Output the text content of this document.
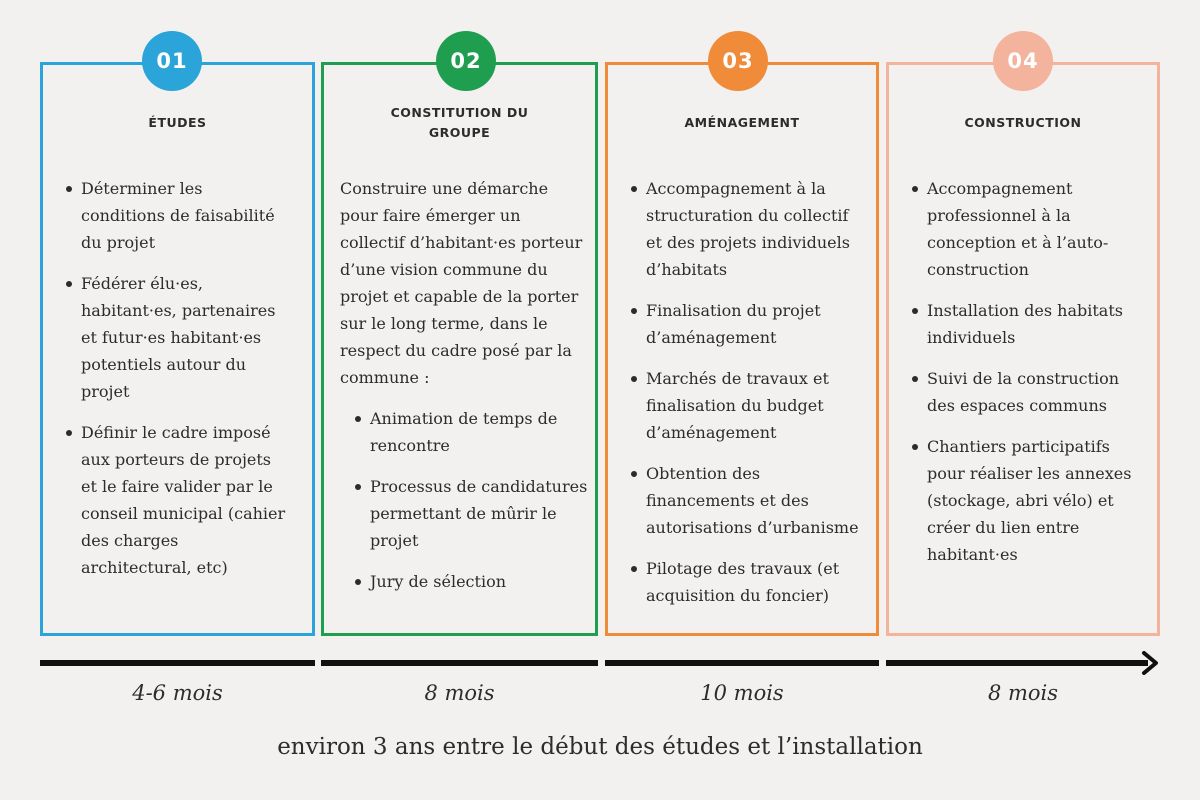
ÉTUDES
Déterminer les conditions de faisabilité du projet
Fédérer élu·es, habitant·es, partenaires et futur·es habitant·es potentiels autour du projet
Définir le cadre imposé aux porteurs de projets et le faire valider par le conseil municipal (cahier des charges architectural, etc)
01
CONSTITUTION DU
GROUPE

Construire une démarche pour faire émerger un collectif d’habitant·es porteur d’une vision commune du projet et capable de la porter sur le long terme, dans le respect du cadre posé par la commune :

Animation de temps de rencontre
Processus de candidatures permettant de mûrir le projet
Jury de sélection
02
AMÉNAGEMENT
Accompagnement à la structuration du collectif et des projets individuels d’habitats
Finalisation du projet d’aménagement
Marchés de travaux et finalisation du budget d’aménagement
Obtention des financements et des autorisations d’urbanisme
Pilotage des travaux (et acquisition du foncier)
03
CONSTRUCTION
Accompagnement professionnel à la conception et à l’auto-construction
Installation des habitats individuels
Suivi de la construction des espaces communs
Chantiers participatifs pour réaliser les annexes (stockage, abri vélo) et créer du lien entre habitant·es
04
4-6 mois	8 mois	10 mois	8 mois
environ 3 ans entre le début des études et l’installation
